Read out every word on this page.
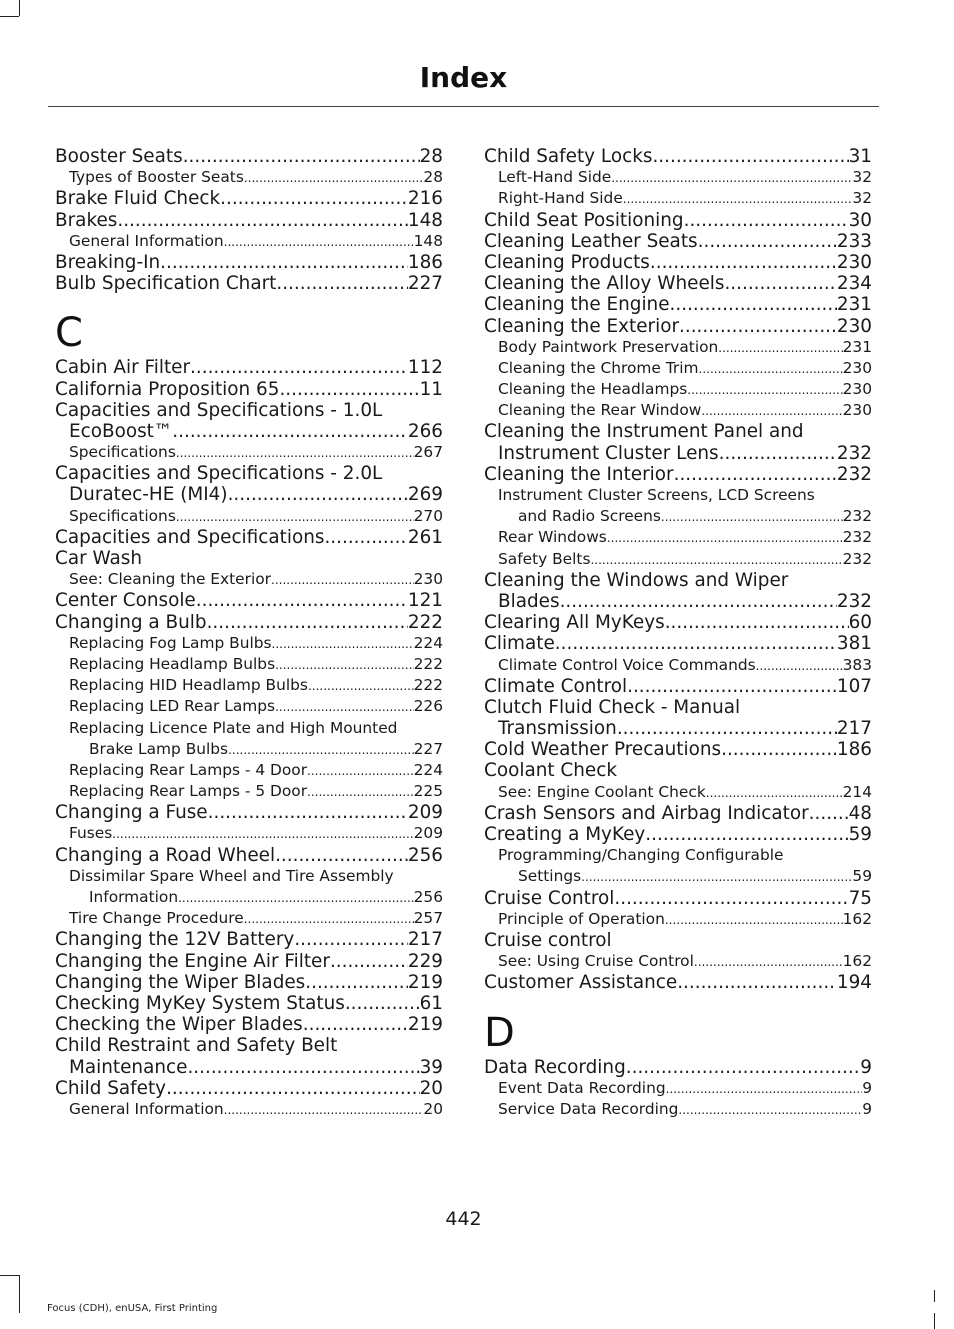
Index
Booster Seats .....	28
Types of Booster Seats .....	28
Brake Fluid Check .....	216
Brakes .....	148
General Information .....	148
Breaking-In .....	186
Bulb Specification Chart .....	227
C
Cabin Air Filter .....	112
California Proposition 65 .....	11
Capacities and Specifications - 1.0L
EcoBoost™ .....	266
Specifications .....	267
Capacities and Specifications - 2.0L
Duratec-HE (MI4) .....	269
Specifications .....	270
Capacities and Specifications .....	261
Car Wash
See: Cleaning the Exterior .....	230
Center Console .....	121
Changing a Bulb .....	222
Replacing Fog Lamp Bulbs .....	224
Replacing Headlamp Bulbs .....	222
Replacing HID Headlamp Bulbs .....	222
Replacing LED Rear Lamps .....	226
Replacing Licence Plate and High Mounted
Brake Lamp Bulbs .....	227
Replacing Rear Lamps - 4 Door .....	224
Replacing Rear Lamps - 5 Door .....	225
Changing a Fuse .....	209
Fuses .....	209
Changing a Road Wheel .....	256
Dissimilar Spare Wheel and Tire Assembly
Information .....	256
Tire Change Procedure .....	257
Changing the 12V Battery .....	217
Changing the Engine Air Filter .....	229
Changing the Wiper Blades .....	219
Checking MyKey System Status .....	61
Checking the Wiper Blades .....	219
Child Restraint and Safety Belt
Maintenance .....	39
Child Safety .....	20
General Information .....	20
Child Safety Locks .....	31
Left-Hand Side .....	32
Right-Hand Side .....	32
Child Seat Positioning .....	30
Cleaning Leather Seats .....	233
Cleaning Products .....	230
Cleaning the Alloy Wheels .....	234
Cleaning the Engine .....	231
Cleaning the Exterior .....	230
Body Paintwork Preservation .....	231
Cleaning the Chrome Trim .....	230
Cleaning the Headlamps .....	230
Cleaning the Rear Window .....	230
Cleaning the Instrument Panel and
Instrument Cluster Lens .....	232
Cleaning the Interior .....	232
Instrument Cluster Screens, LCD Screens
and Radio Screens .....	232
Rear Windows .....	232
Safety Belts .....	232
Cleaning the Windows and Wiper
Blades .....	232
Clearing All MyKeys .....	60
Climate .....	381
Climate Control Voice Commands .....	383
Climate Control .....	107
Clutch Fluid Check - Manual
Transmission .....	217
Cold Weather Precautions .....	186
Coolant Check
See: Engine Coolant Check .....	214
Crash Sensors and Airbag Indicator ..... 48
Creating a MyKey .....	59
Programming/Changing Configurable
Settings .....	59
Cruise Control .....	75
Principle of Operation .....	162
Cruise control
See: Using Cruise Control .....	162
Customer Assistance .....	194
D
Data Recording .....	9
Event Data Recording .....	9
Service Data Recording .....	9
442
Focus (CDH), enUSA, First Printing
